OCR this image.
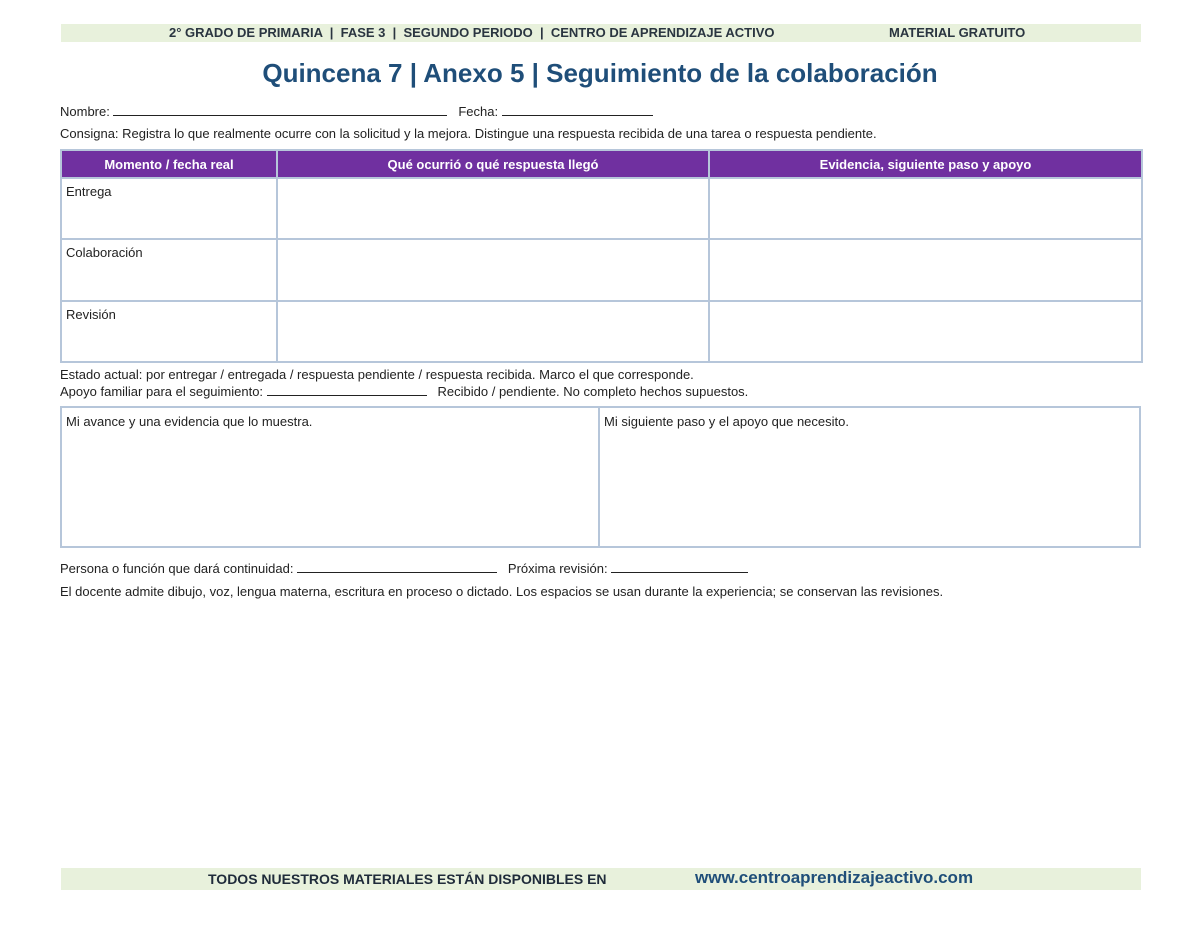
2° GRADO DE PRIMARIA  |  FASE 3  |  SEGUNDO PERIODO  |  CENTRO DE APRENDIZAJE ACTIVO	MATERIAL GRATUITO
Quincena 7 | Anexo 5 | Seguimiento de la colaboración
Nombre:	Fecha:
Consigna: Registra lo que realmente ocurre con la solicitud y la mejora. Distingue una respuesta recibida de una tarea o respuesta pendiente.
Momento / fecha real	Qué ocurrió o qué respuesta llegó	Evidencia, siguiente paso y apoyo
Entrega		
Colaboración		
Revisión		
Estado actual: por entregar / entregada / respuesta pendiente / respuesta recibida. Marco el que corresponde.
Apoyo familiar para el seguimiento:	Recibido / pendiente. No completo hechos supuestos.
Mi avance y una evidencia que lo muestra.	Mi siguiente paso y el apoyo que necesito.
Persona o función que dará continuidad:	Próxima revisión:
El docente admite dibujo, voz, lengua materna, escritura en proceso o dictado. Los espacios se usan durante la experiencia; se conservan las revisiones.
TODOS NUESTROS MATERIALES ESTÁN DISPONIBLES EN	www.centroaprendizajeactivo.com
